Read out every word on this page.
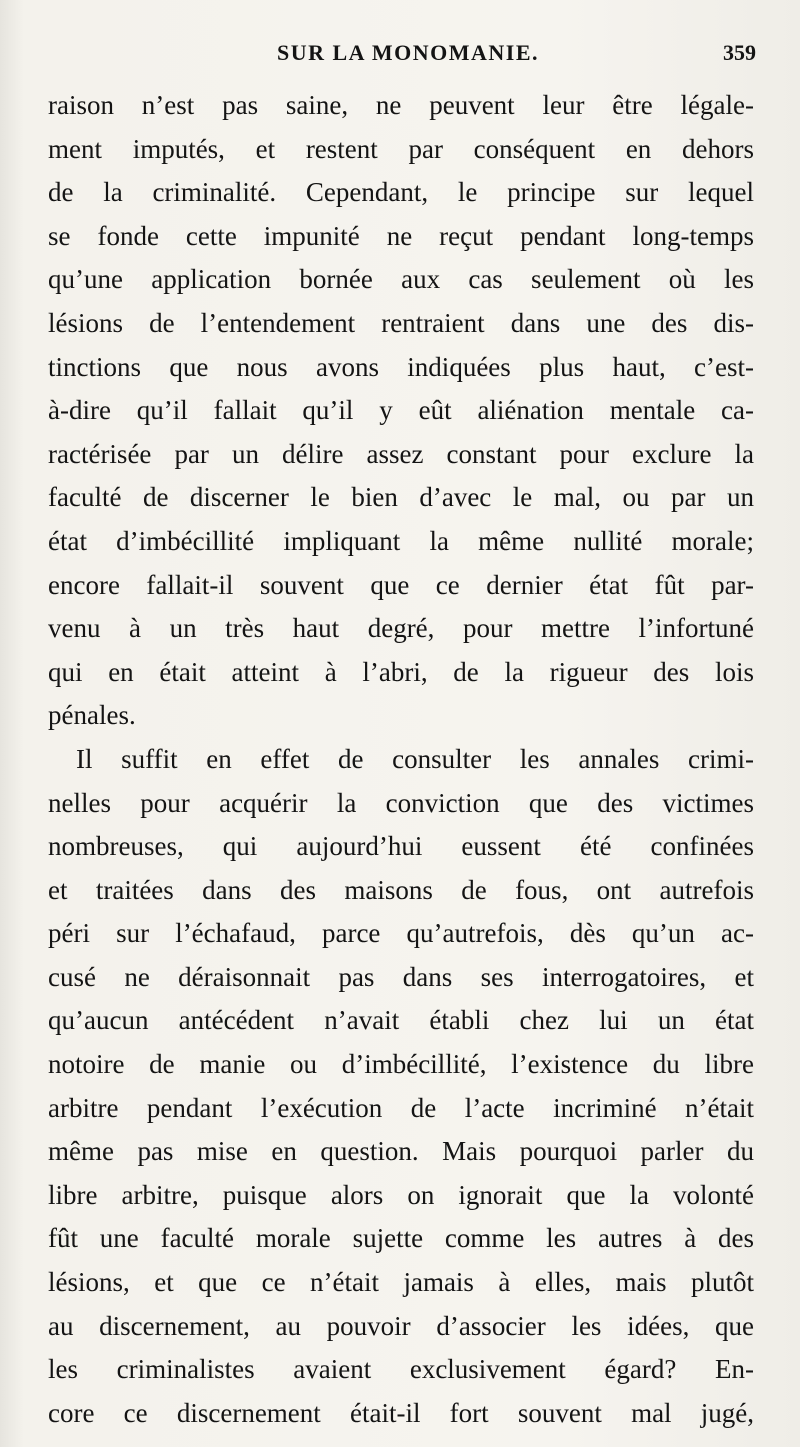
SUR LA MONOMANIE.	359
raison n’est pas saine, ne peuvent leur être légale-
ment imputés, et restent par conséquent en dehors
de la criminalité. Cependant, le principe sur lequel
se fonde cette impunité ne reçut pendant long-temps
qu’une application bornée aux cas seulement où les
lésions de l’entendement rentraient dans une des dis-
tinctions que nous avons indiquées plus haut, c’est-
à-dire qu’il fallait qu’il y eût aliénation mentale ca-
ractérisée par un délire assez constant pour exclure la
faculté de discerner le bien d’avec le mal, ou par un
état d’imbécillité impliquant la même nullité morale;
encore fallait-il souvent que ce dernier état fût par-
venu à un très haut degré, pour mettre l’infortuné
qui en était atteint à l’abri, de la rigueur des lois
pénales.
Il suffit en effet de consulter les annales crimi-
nelles pour acquérir la conviction que des victimes
nombreuses, qui aujourd’hui eussent été confinées
et traitées dans des maisons de fous, ont autrefois
péri sur l’échafaud, parce qu’autrefois, dès qu’un ac-
cusé ne déraisonnait pas dans ses interrogatoires, et
qu’aucun antécédent n’avait établi chez lui un état
notoire de manie ou d’imbécillité, l’existence du libre
arbitre pendant l’exécution de l’acte incriminé n’était
même pas mise en question. Mais pourquoi parler du
libre arbitre, puisque alors on ignorait que la volonté
fût une faculté morale sujette comme les autres à des
lésions, et que ce n’était jamais à elles, mais plutôt
au discernement, au pouvoir d’associer les idées, que
les criminalistes avaient exclusivement égard? En-
core ce discernement était-il fort souvent mal jugé,
